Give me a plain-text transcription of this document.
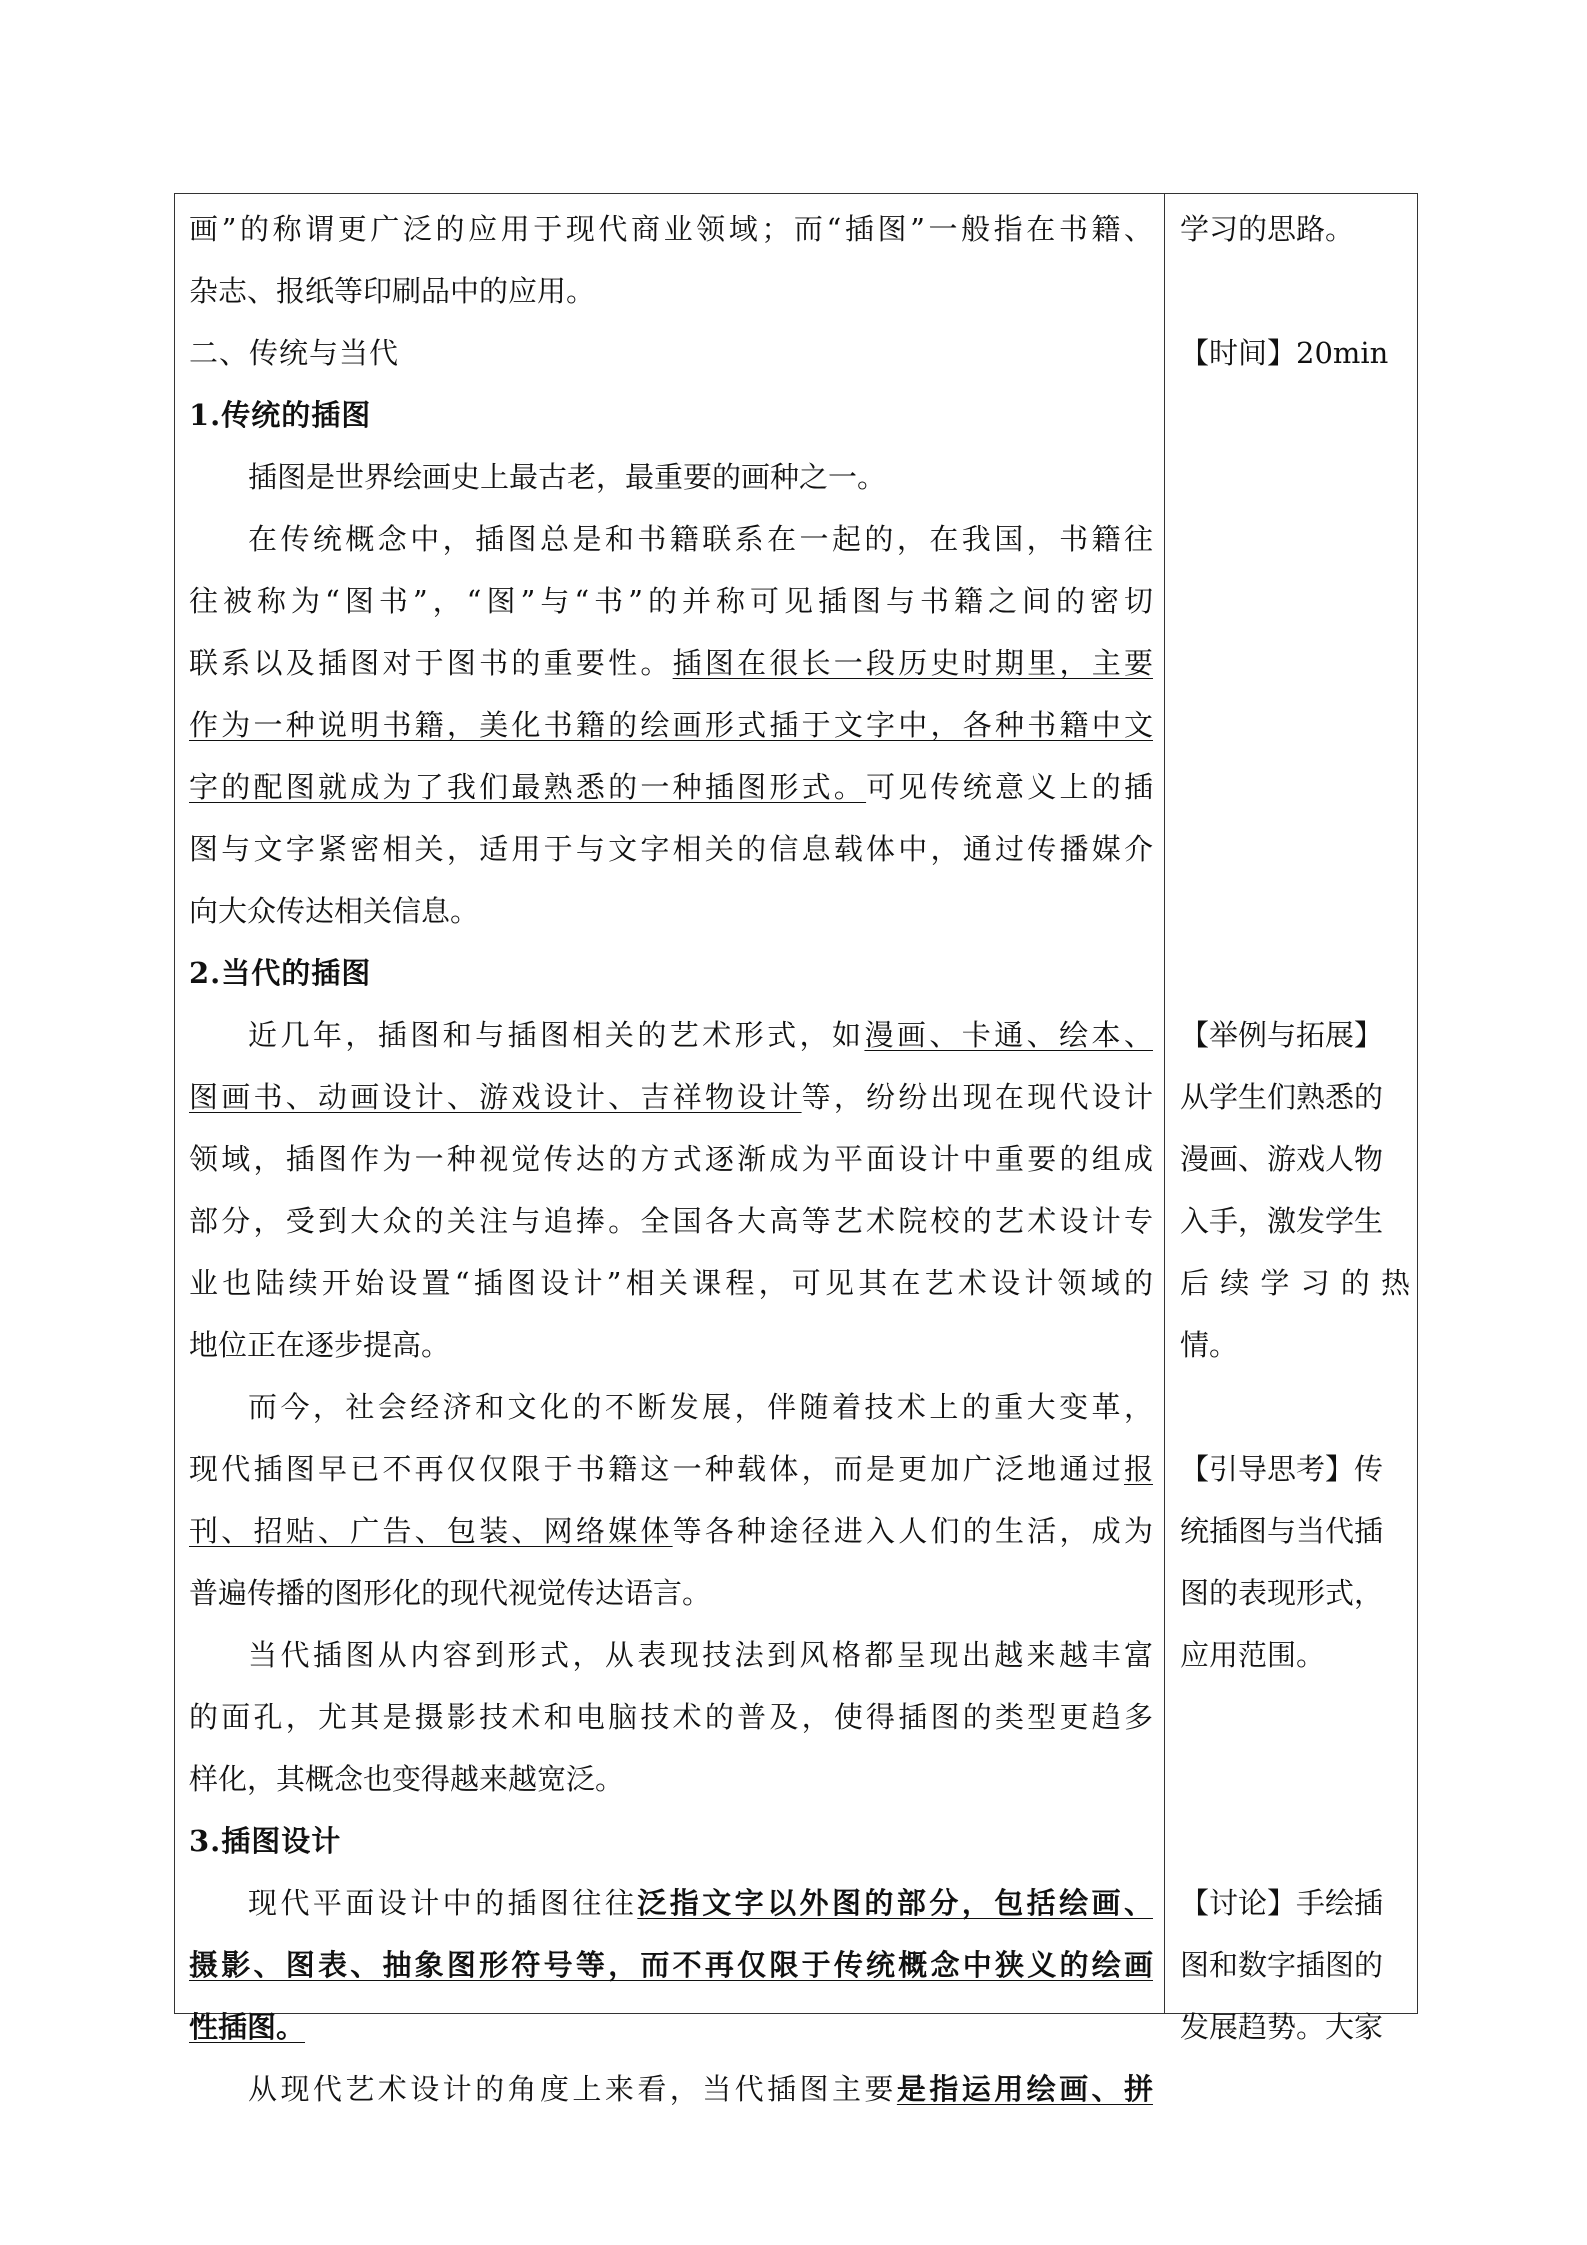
画”的称谓更广泛的应用于现代商业领域；而“插图”一般指在书籍、
杂志、报纸等印刷品中的应用。
二、传统与当代
1.传统的插图
插图是世界绘画史上最古老，最重要的画种之一。
在传统概念中，插图总是和书籍联系在一起的，在我国，书籍往
往被称为“图书”，“图”与“书”的并称可见插图与书籍之间的密切
联系以及插图对于图书的重要性。插图在很长一段历史时期里，主要
作为一种说明书籍，美化书籍的绘画形式插于文字中，各种书籍中文
字的配图就成为了我们最熟悉的一种插图形式。可见传统意义上的插
图与文字紧密相关，适用于与文字相关的信息载体中，通过传播媒介
向大众传达相关信息。
2.当代的插图
近几年，插图和与插图相关的艺术形式，如漫画、卡通、绘本、
图画书、动画设计、游戏设计、吉祥物设计等，纷纷出现在现代设计
领域，插图作为一种视觉传达的方式逐渐成为平面设计中重要的组成
部分，受到大众的关注与追捧。全国各大高等艺术院校的艺术设计专
业也陆续开始设置“插图设计”相关课程，可见其在艺术设计领域的
地位正在逐步提高。
而今，社会经济和文化的不断发展，伴随着技术上的重大变革，
现代插图早已不再仅仅限于书籍这一种载体，而是更加广泛地通过报
刊、招贴、广告、包装、网络媒体等各种途径进入人们的生活，成为
普遍传播的图形化的现代视觉传达语言。
当代插图从内容到形式，从表现技法到风格都呈现出越来越丰富
的面孔，尤其是摄影技术和电脑技术的普及，使得插图的类型更趋多
样化，其概念也变得越来越宽泛。
3.插图设计
现代平面设计中的插图往往泛指文字以外图的部分，包括绘画、
摄影、图表、抽象图形符号等，而不再仅限于传统概念中狭义的绘画
性插图。
从现代艺术设计的角度上来看，当代插图主要是指运用绘画、拼
学习的思路。
【时间】20min
【举例与拓展】
从学生们熟悉的
漫画、游戏人物
入手，激发学生
后续学习的热
情。
【引导思考】传
统插图与当代插
图的表现形式，
应用范围。
【讨论】手绘插
图和数字插图的
发展趋势。大家
